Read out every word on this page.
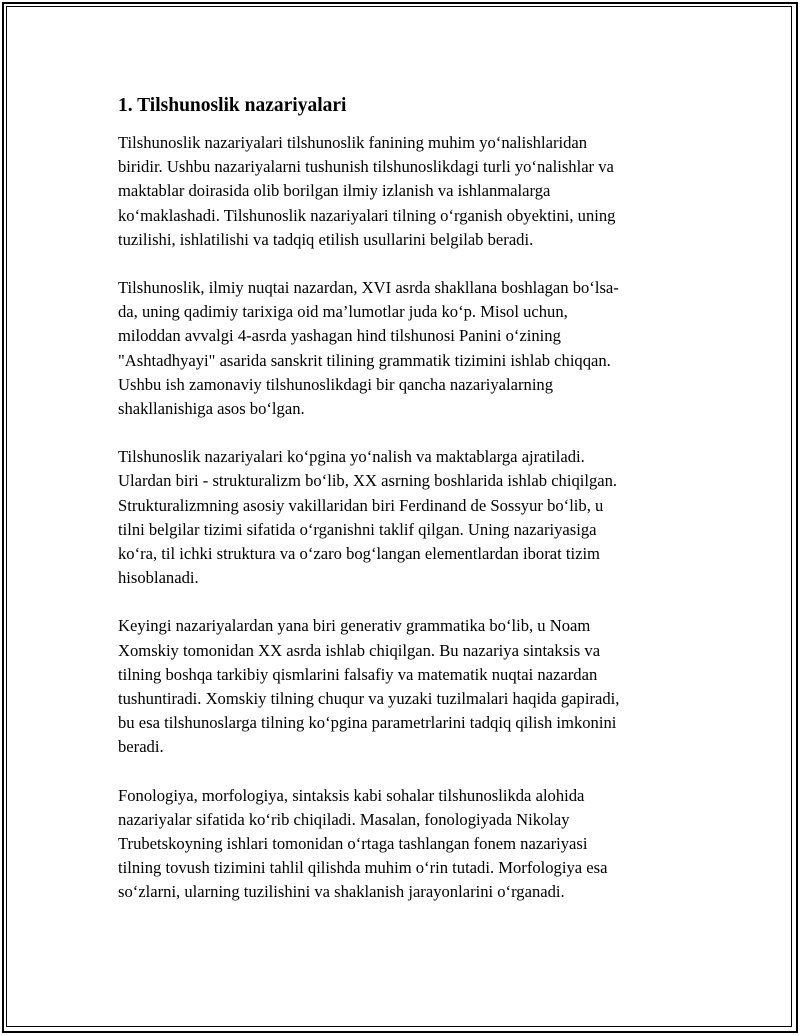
1. Tilshunoslik nazariyalari
Tilshunoslik nazariyalari tilshunoslik fanining muhim yo‘nalishlaridan
biridir. Ushbu nazariyalarni tushunish tilshunoslikdagi turli yo‘nalishlar va
maktablar doirasida olib borilgan ilmiy izlanish va ishlanmalarga
ko‘maklashadi. Tilshunoslik nazariyalari tilning o‘rganish obyektini, uning
tuzilishi, ishlatilishi va tadqiq etilish usullarini belgilab beradi.
Tilshunoslik, ilmiy nuqtai nazardan, XVI asrda shakllana boshlagan bo‘lsa-
da, uning qadimiy tarixiga oid ma’lumotlar juda ko‘p. Misol uchun,
miloddan avvalgi 4-asrda yashagan hind tilshunosi Panini o‘zining
"Ashtadhyayi" asarida sanskrit tilining grammatik tizimini ishlab chiqqan.
Ushbu ish zamonaviy tilshunoslikdagi bir qancha nazariyalarning
shakllanishiga asos bo‘lgan.
Tilshunoslik nazariyalari ko‘pgina yo‘nalish va maktablarga ajratiladi.
Ulardan biri - strukturalizm bo‘lib, XX asrning boshlarida ishlab chiqilgan.
Strukturalizmning asosiy vakillaridan biri Ferdinand de Sossyur bo‘lib, u
tilni belgilar tizimi sifatida o‘rganishni taklif qilgan. Uning nazariyasiga
ko‘ra, til ichki struktura va o‘zaro bog‘langan elementlardan iborat tizim
hisoblanadi.
Keyingi nazariyalardan yana biri generativ grammatika bo‘lib, u Noam
Xomskiy tomonidan XX asrda ishlab chiqilgan. Bu nazariya sintaksis va
tilning boshqa tarkibiy qismlarini falsafiy va matematik nuqtai nazardan
tushuntiradi. Xomskiy tilning chuqur va yuzaki tuzilmalari haqida gapiradi,
bu esa tilshunoslarga tilning ko‘pgina parametrlarini tadqiq qilish imkonini
beradi.
Fonologiya, morfologiya, sintaksis kabi sohalar tilshunoslikda alohida
nazariyalar sifatida ko‘rib chiqiladi. Masalan, fonologiyada Nikolay
Trubetskoyning ishlari tomonidan o‘rtaga tashlangan fonem nazariyasi
tilning tovush tizimini tahlil qilishda muhim o‘rin tutadi. Morfologiya esa
so‘zlarni, ularning tuzilishini va shaklanish jarayonlarini o‘rganadi.
